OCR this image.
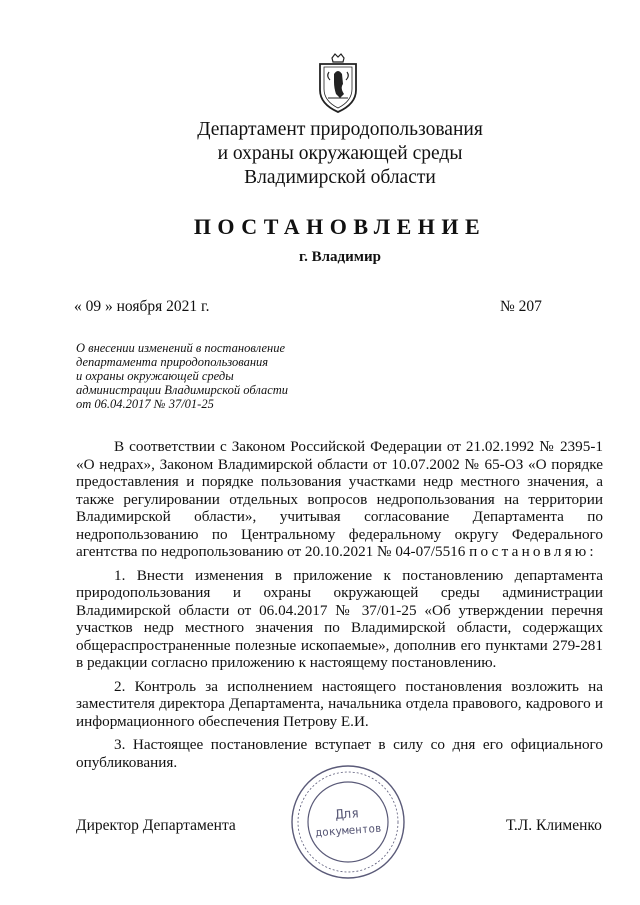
Департамент природопользования
и охраны окружающей среды
Владимирской области
ПОСТАНОВЛЕНИЕ
г. Владимир
« 09 » ноября 2021 г.	№ 207
О внесении изменений в постановление
департамента природопользования
и охраны окружающей среды
администрации Владимирской области
от 06.04.2017 № 37/01-25

В соответствии с Законом Российской Федерации от 21.02.1992 № 2395-1 «О недрах», Законом Владимирской области от 10.07.2002 № 65-ОЗ «О порядке предоставления и порядке пользования участками недр местного значения, а также регулировании отдельных вопросов недропользования на территории Владимирской области», учитывая согласование Департамента по недропользованию по Центральному федеральному округу Федерального агентства по недропользованию от 20.10.2021 № 04-07/5516 постановляю:

1. Внести изменения в приложение к постановлению департамента природопользования и охраны окружающей среды администрации Владимирской области от 06.04.2017 № 37/01-25 «Об утверждении перечня участков недр местного значения по Владимирской области, содержащих общераспространенные полезные ископаемые», дополнив его пунктами 279-281 в редакции согласно приложению к настоящему постановлению.

2. Контроль за исполнением настоящего постановления возложить на заместителя директора Департамента, начальника отдела правового, кадрового и информационного обеспечения Петрову Е.И.

3. Настоящее постановление вступает в силу со дня его официального опубликования.

Для
документов
Директор Департамента	Т.Л. Клименко
